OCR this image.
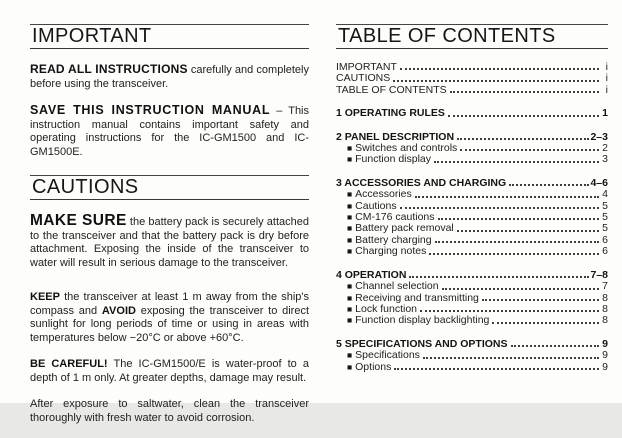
IMPORTANT

READ ALL INSTRUCTIONS carefully and completely before using the transceiver.

SAVE THIS INSTRUCTION MANUAL – This instruction manual contains important safety and operating instructions for the IC-GM1500 and IC-GM1500E.

CAUTIONS

MAKE SURE the battery pack is securely attached to the transceiver and that the battery pack is dry before attachment. Exposing the inside of the transceiver to water will result in serious damage to the transceiver.

KEEP the transceiver at least 1 m away from the ship's compass and AVOID exposing the transceiver to direct sunlight for long periods of time or using in areas with temperatures below −20°C or above +60°C.

BE CAREFUL! The IC-GM1500/E is water-proof to a depth of 1 m only. At greater depths, damage may result.

After exposure to saltwater, clean the transceiver thoroughly with fresh water to avoid corrosion.

TABLE OF CONTENTS
IMPORTANT	i
CAUTIONS	i
TABLE OF CONTENTS	i
1 OPERATING RULES	1
2 PANEL DESCRIPTION	2–3
■ Switches and controls	2
■ Function display	3
3 ACCESSORIES AND CHARGING	4–6
■ Accessories	4
■ Cautions	5
■ CM-176 cautions	5
■ Battery pack removal	5
■ Battery charging	6
■ Charging notes	6
4 OPERATION	7–8
■ Channel selection	7
■ Receiving and transmitting	8
■ Lock function	8
■ Function display backlighting	8
5 SPECIFICATIONS AND OPTIONS	9
■ Specifications	9
■ Options	9
